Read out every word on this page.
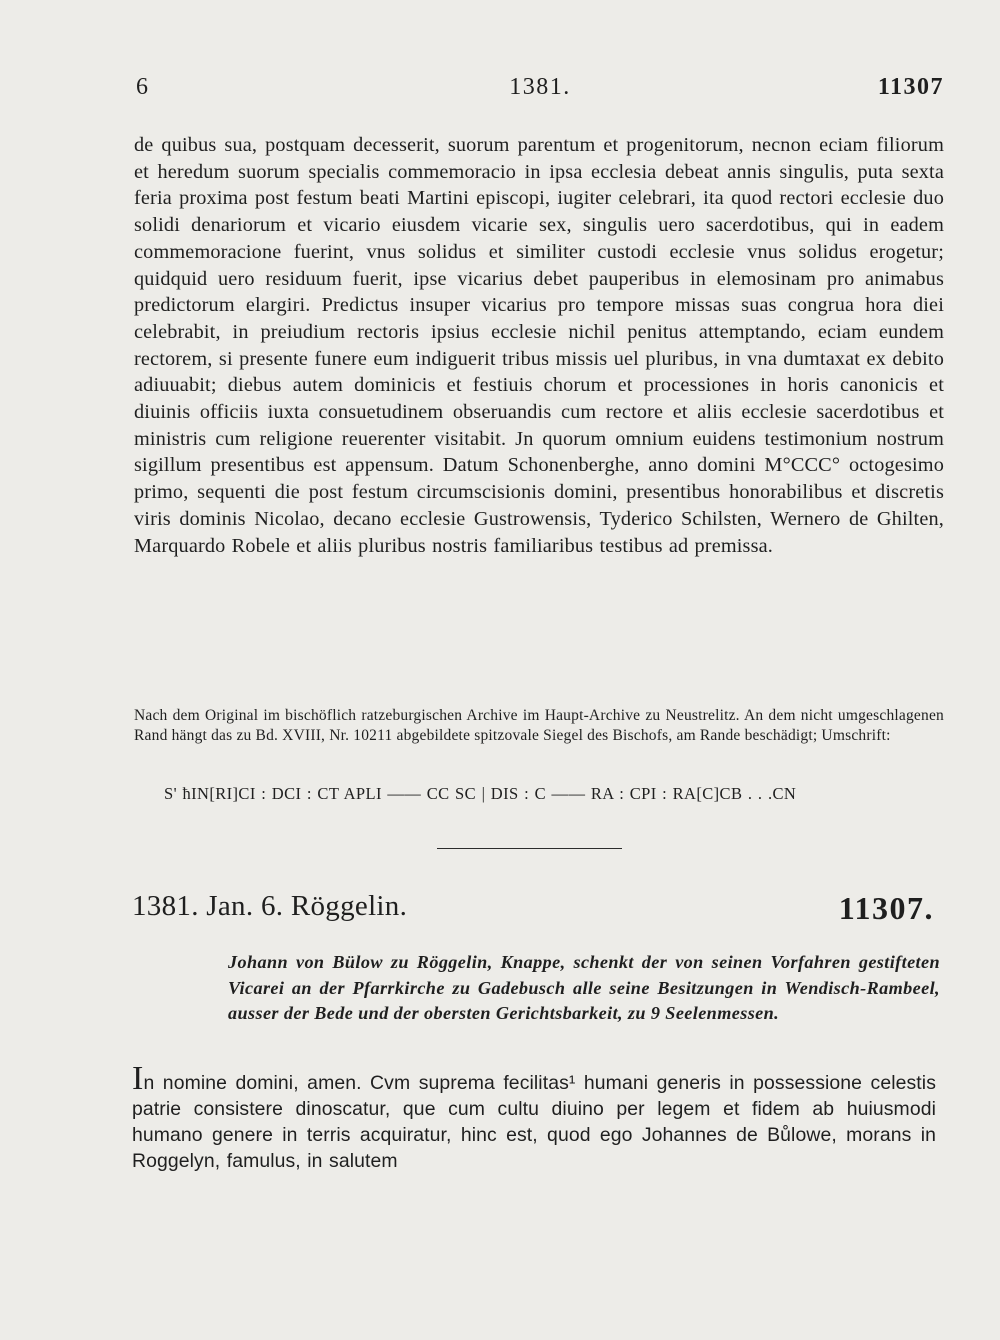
6	1381.	11307

de quibus sua, postquam decesserit, suorum parentum et progenitorum, necnon eciam filiorum et heredum suorum specialis commemoracio in ipsa ecclesia debeat annis singulis, puta sexta feria proxima post festum beati Martini episcopi, iugiter celebrari, ita quod rectori ecclesie duo solidi denariorum et vicario eiusdem vicarie sex, singulis uero sacerdotibus, qui in eadem commemoracione fuerint, vnus solidus et similiter custodi ecclesie vnus solidus erogetur; quidquid uero residuum fuerit, ipse vicarius debet pauperibus in elemosinam pro animabus predictorum elargiri. Predictus insuper vicarius pro tempore missas suas congrua hora diei celebrabit, in preiudium rectoris ipsius ecclesie nichil penitus attemptando, eciam eundem rectorem, si presente funere eum indiguerit tribus missis uel pluribus, in vna dumtaxat ex debito adiuuabit; diebus autem dominicis et festiuis chorum et processiones in horis canonicis et diuinis officiis iuxta consuetudinem obseruandis cum rectore et aliis ecclesie sacerdotibus et ministris cum religione reuerenter visitabit. Jn quorum omnium euidens testimonium nostrum sigillum presentibus est appensum. Datum Schonenberghe, anno domini M°CCC° octogesimo primo, sequenti die post festum circumscisionis domini, presentibus honorabilibus et discretis viris dominis Nicolao, decano ecclesie Gustrowensis, Tyderico Schilsten, Wernero de Ghilten, Marquardo Robele et aliis pluribus nostris familiaribus testibus ad premissa.

Nach dem Original im bischöflich ratzeburgischen Archive im Haupt-Archive zu Neustrelitz. An dem nicht umgeschlagenen Rand hängt das zu Bd. XVIII, Nr. 10211 abgebildete spitzovale Siegel des Bischofs, am Rande beschädigt; Umschrift:

S' ħIN[RI]CI : DCI : CT APLI —— CC SC | DIS : C —— RA : CPI : RA[C]CB . . .CN

1381. Jan. 6. Röggelin.	11307.

Johann von Bülow zu Röggelin, Knappe, schenkt der von seinen Vorfahren gestifteten Vicarei an der Pfarrkirche zu Gadebusch alle seine Besitzungen in Wendisch-Rambeel, ausser der Bede und der obersten Gerichtsbarkeit, zu 9 Seelenmessen.

In nomine domini, amen. Cvm suprema fecilitas¹ humani generis in possessione celestis patrie consistere dinoscatur, que cum cultu diuino per legem et fidem ab huiusmodi humano genere in terris acquiratur, hinc est, quod ego Johannes de Bůlowe, morans in Roggelyn, famulus, in salutem
